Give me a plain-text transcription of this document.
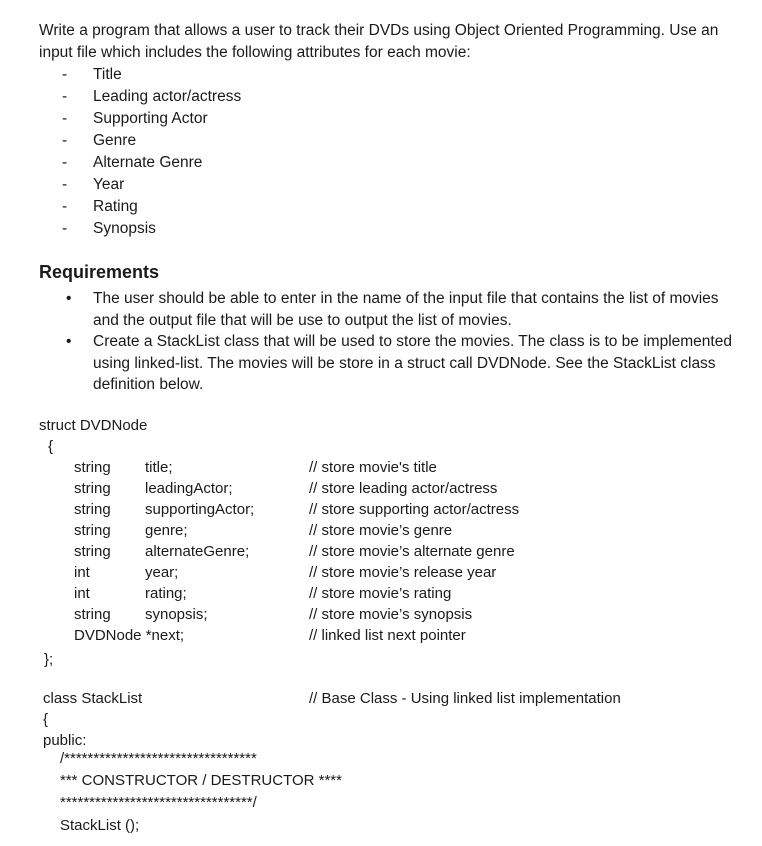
Write a program that allows a user to track their DVDs using Object Oriented Programming. Use an input file which includes the following attributes for each movie:
- Title
- Leading actor/actress
- Supporting Actor
- Genre
- Alternate Genre
- Year
- Rating
- Synopsis
Requirements
• The user should be able to enter in the name of the input file that contains the list of movies and the output file that will be use to output the list of movies.
• Create a StackList class that will be used to store the movies. The class is to be implemented using linked-list. The movies will be store in a struct call DVDNode. See the StackList class definition below.
struct DVDNode
{
string title;	// store movie's title
string leadingActor;	// store leading actor/actress
string supportingActor;	// store supporting actor/actress
string genre;	// store movie’s genre
string alternateGenre;	// store movie’s alternate genre
int	year;	// store movie’s release year
int	rating;	// store movie’s rating
string synopsis;	// store movie’s synopsis
DVDNode *next;	// linked list next pointer
};
class StackList	// Base Class - Using linked list implementation
{
public:
/*********************************
*** CONSTRUCTOR / DESTRUCTOR ****
*********************************/
StackList ();
